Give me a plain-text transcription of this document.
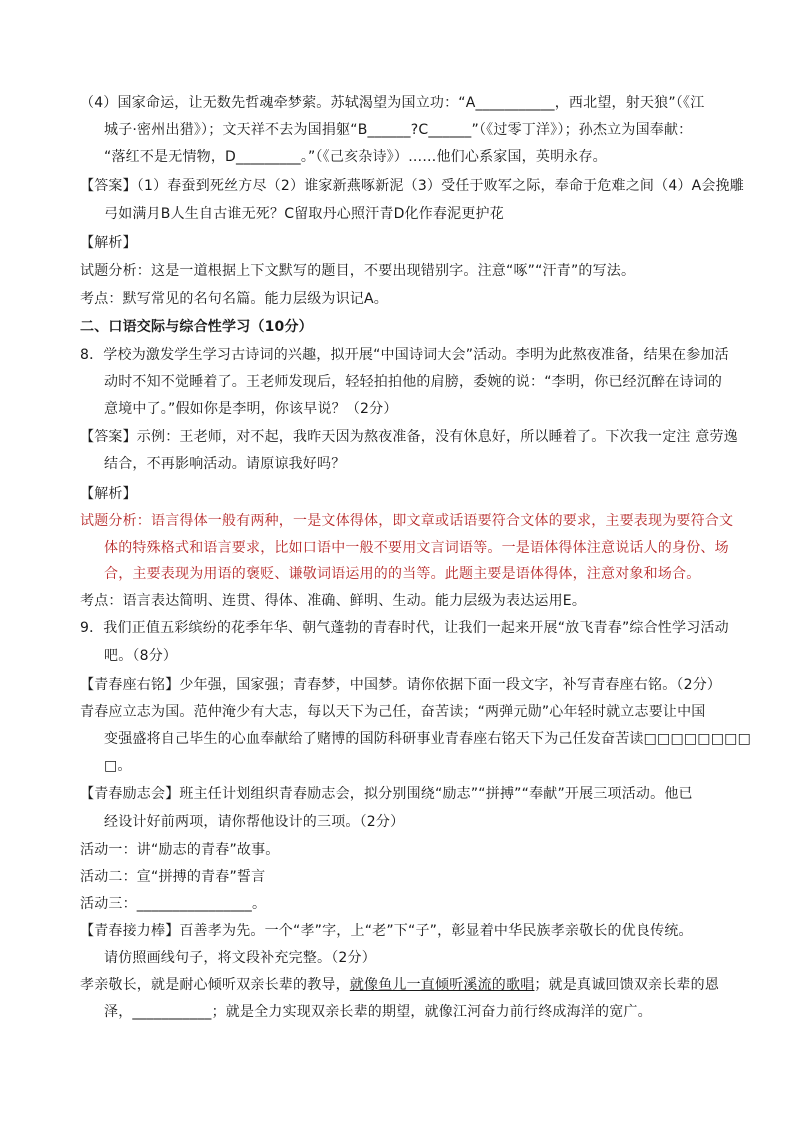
（4）国家命运，让无数先哲魂牵梦萦。苏轼渴望为国立功：“A___________，西北望，射天狼”（《江
城子·密州出猎》）；文天祥不去为国捐躯“B______?C______”（《过零丁洋》）；孙杰立为国奉献：
“落红不是无情物，D_________。”（《己亥杂诗》）……他们心系家国，英明永存。
【答案】（1）春蚕到死丝方尽（2）谁家新燕啄新泥（3）受任于败军之际，奉命于危难之间（4）A会挽雕
弓如满月B人生自古谁无死？C留取丹心照汗青D化作春泥更护花
【解析】
试题分析：这是一道根据上下文默写的题目，不要出现错别字。注意“啄”“汗青”的写法。
考点：默写常见的名句名篇。能力层级为识记A。
二、口语交际与综合性学习（10分）
8．学校为激发学生学习古诗词的兴趣，拟开展“中国诗词大会”活动。李明为此熬夜准备，结果在参加活
动时不知不觉睡着了。王老师发现后，轻轻拍拍他的肩膀，委婉的说：“李明，你已经沉醉在诗词的
意境中了。”假如你是李明，你该早说？（2分）
【答案】示例：王老师，对不起，我昨天因为熬夜准备，没有休息好，所以睡着了。下次我一定注 意劳逸
结合，不再影响活动。请原谅我好吗？
【解析】
试题分析：语言得体一般有两种，一是文体得体，即文章或话语要符合文体的要求，主要表现为要符合文
体的特殊格式和语言要求，比如口语中一般不要用文言词语等。一是语体得体注意说话人的身份、场
合，主要表现为用语的褒贬、谦敬词语运用的的当等。此题主要是语体得体，注意对象和场合。
考点：语言表达简明、连贯、得体、准确、鲜明、生动。能力层级为表达运用E。
9．我们正值五彩缤纷的花季年华、朝气蓬勃的青春时代，让我们一起来开展“放飞青春”综合性学习活动
吧。（8分）
【青春座右铭】少年强，国家强；青春梦，中国梦。请你依据下面一段文字，补写青春座右铭。（2分）
青春应立志为国。范仲淹少有大志，每以天下为己任，奋苦读；“两弹元勋”心年轻时就立志要让中国
变强盛将自己毕生的心血奉献给了赌博的国防科研事业青春座右铭天下为己任发奋苦读□□□□□□□□
□。
【青春励志会】班主任计划组织青春励志会，拟分别围绕“励志”“拼搏”“奉献”开展三项活动。他已
经设计好前两项，请你帮他设计的三项。（2分）
活动一：讲“励志的青春”故事。
活动二：宣“拼搏的青春”誓言
活动三：________________。
【青春接力棒】百善孝为先。一个“孝”字，上“老”下“子”，彰显着中华民族孝亲敬长的优良传统。
请仿照画线句子，将文段补充完整。（2分）
孝亲敬长，就是耐心倾听双亲长辈的教导，就像鱼儿一直倾听溪流的歌唱；就是真诚回馈双亲长辈的恩
泽，___________；就是全力实现双亲长辈的期望，就像江河奋力前行终成海洋的宽广。
